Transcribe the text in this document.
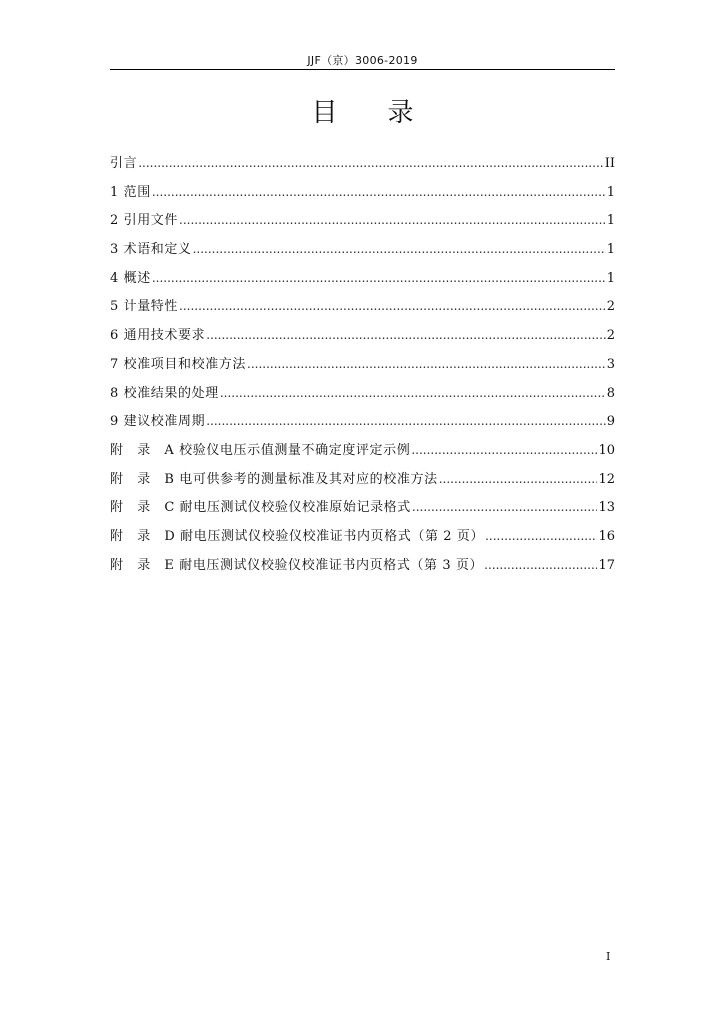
JJF（京）3006-2019
目录
引言 .....	II
1 范围 .....	1
2 引用文件 .....	1
3 术语和定义 .....	1
4 概述 .....	1
5 计量特性 .....	2
6 通用技术要求 .....	2
7 校准项目和校准方法 .....	3
8 校准结果的处理 .....	8
9 建议校准周期 .....	9
附　录　A 校验仪电压示值测量不确定度评定示例 .....	10
附　录　B 电可供参考的测量标准及其对应的校准方法 .....	12
附　录　C 耐电压测试仪校验仪校准原始记录格式 .....	13
附　录　D 耐电压测试仪校验仪校准证书内页格式（第 2 页） .....	16
附　录　E 耐电压测试仪校验仪校准证书内页格式（第 3 页） .....	17
I
